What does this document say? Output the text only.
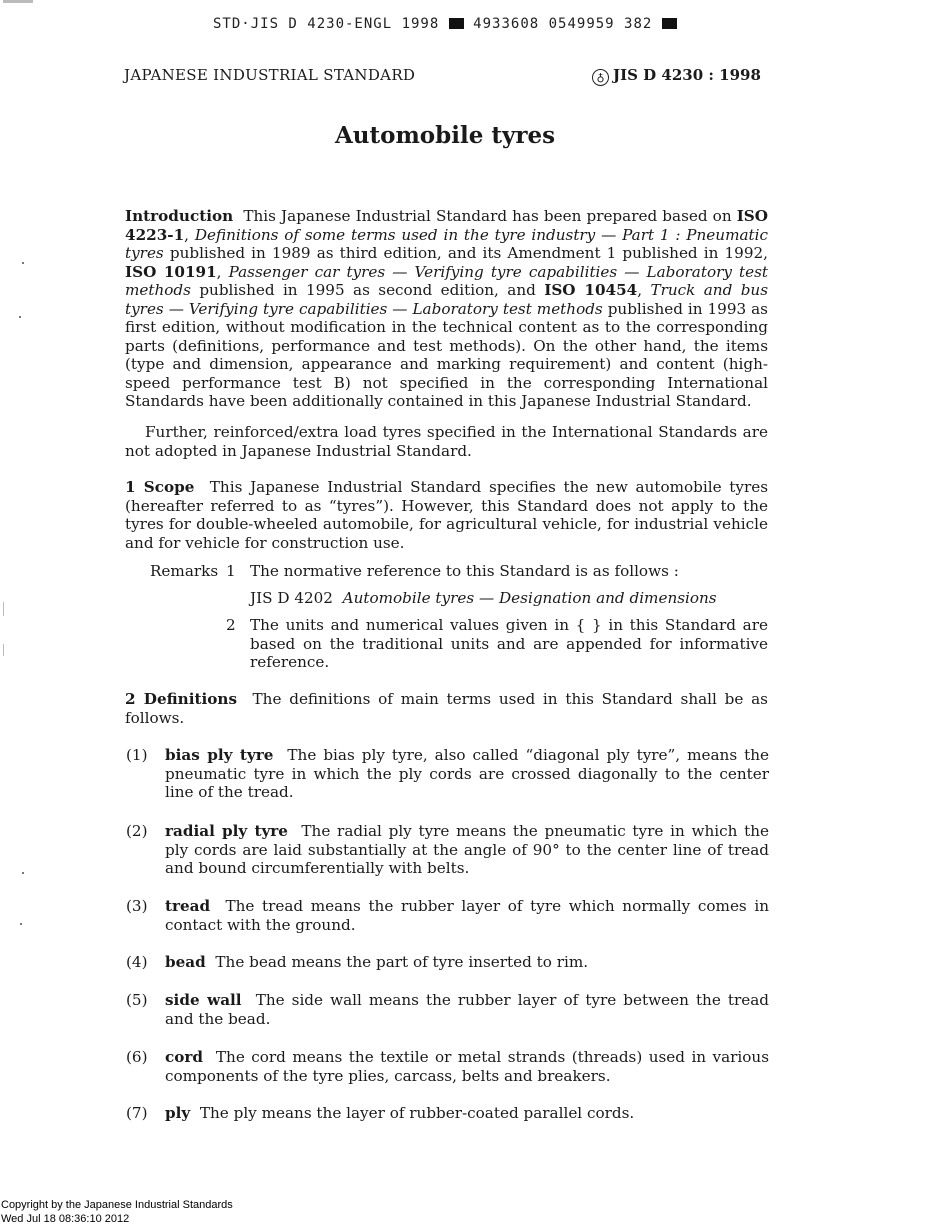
STD·JIS D 4230-ENGL 1998 4933608 0549959 382
JAPANESE INDUSTRIAL STANDARD	♁ JIS D 4230 : 1998
Automobile tyres
Introduction This Japanese Industrial Standard has been prepared based on ISO 4223-1, Definitions of some terms used in the tyre industry — Part 1 : Pneumatic tyres published in 1989 as third edition, and its Amendment 1 published in 1992, ISO 10191, Passenger car tyres — Verifying tyre capabilities — Laboratory test methods published in 1995 as second edition, and ISO 10454, Truck and bus tyres — Verifying tyre capabilities — Laboratory test methods published in 1993 as first edition, without modification in the technical content as to the corresponding parts (definitions, performance and test methods). On the other hand, the items (type and dimension, appearance and marking requirement) and content (high-speed performance test B) not specified in the corresponding International Standards have been additionally contained in this Japanese Industrial Standard.
Further, reinforced/extra load tyres specified in the International Standards are not adopted in Japanese Industrial Standard.
1 Scope This Japanese Industrial Standard specifies the new automobile tyres (hereafter referred to as “tyres”). However, this Standard does not apply to the tyres for double-wheeled automobile, for agricultural vehicle, for industrial vehicle and for vehicle for construction use.
Remarks 1 The normative reference to this Standard is as follows :
JIS D 4202 Automobile tyres — Designation and dimensions
2 The units and numerical values given in { } in this Standard are based on the traditional units and are appended for informative reference.
2 Definitions The definitions of main terms used in this Standard shall be as follows.
(1) bias ply tyre The bias ply tyre, also called “diagonal ply tyre”, means the pneumatic tyre in which the ply cords are crossed diagonally to the center line of the tread.
(2) radial ply tyre The radial ply tyre means the pneumatic tyre in which the ply cords are laid substantially at the angle of 90° to the center line of tread and bound circumferentially with belts.
(3) tread The tread means the rubber layer of tyre which normally comes in contact with the ground.
(4) bead The bead means the part of tyre inserted to rim.
(5) side wall The side wall means the rubber layer of tyre between the tread and the bead.
(6) cord The cord means the textile or metal strands (threads) used in various components of the tyre plies, carcass, belts and breakers.
(7) ply The ply means the layer of rubber-coated parallel cords.
Copyright by the Japanese Industrial Standards
Wed Jul 18 08:36:10 2012
